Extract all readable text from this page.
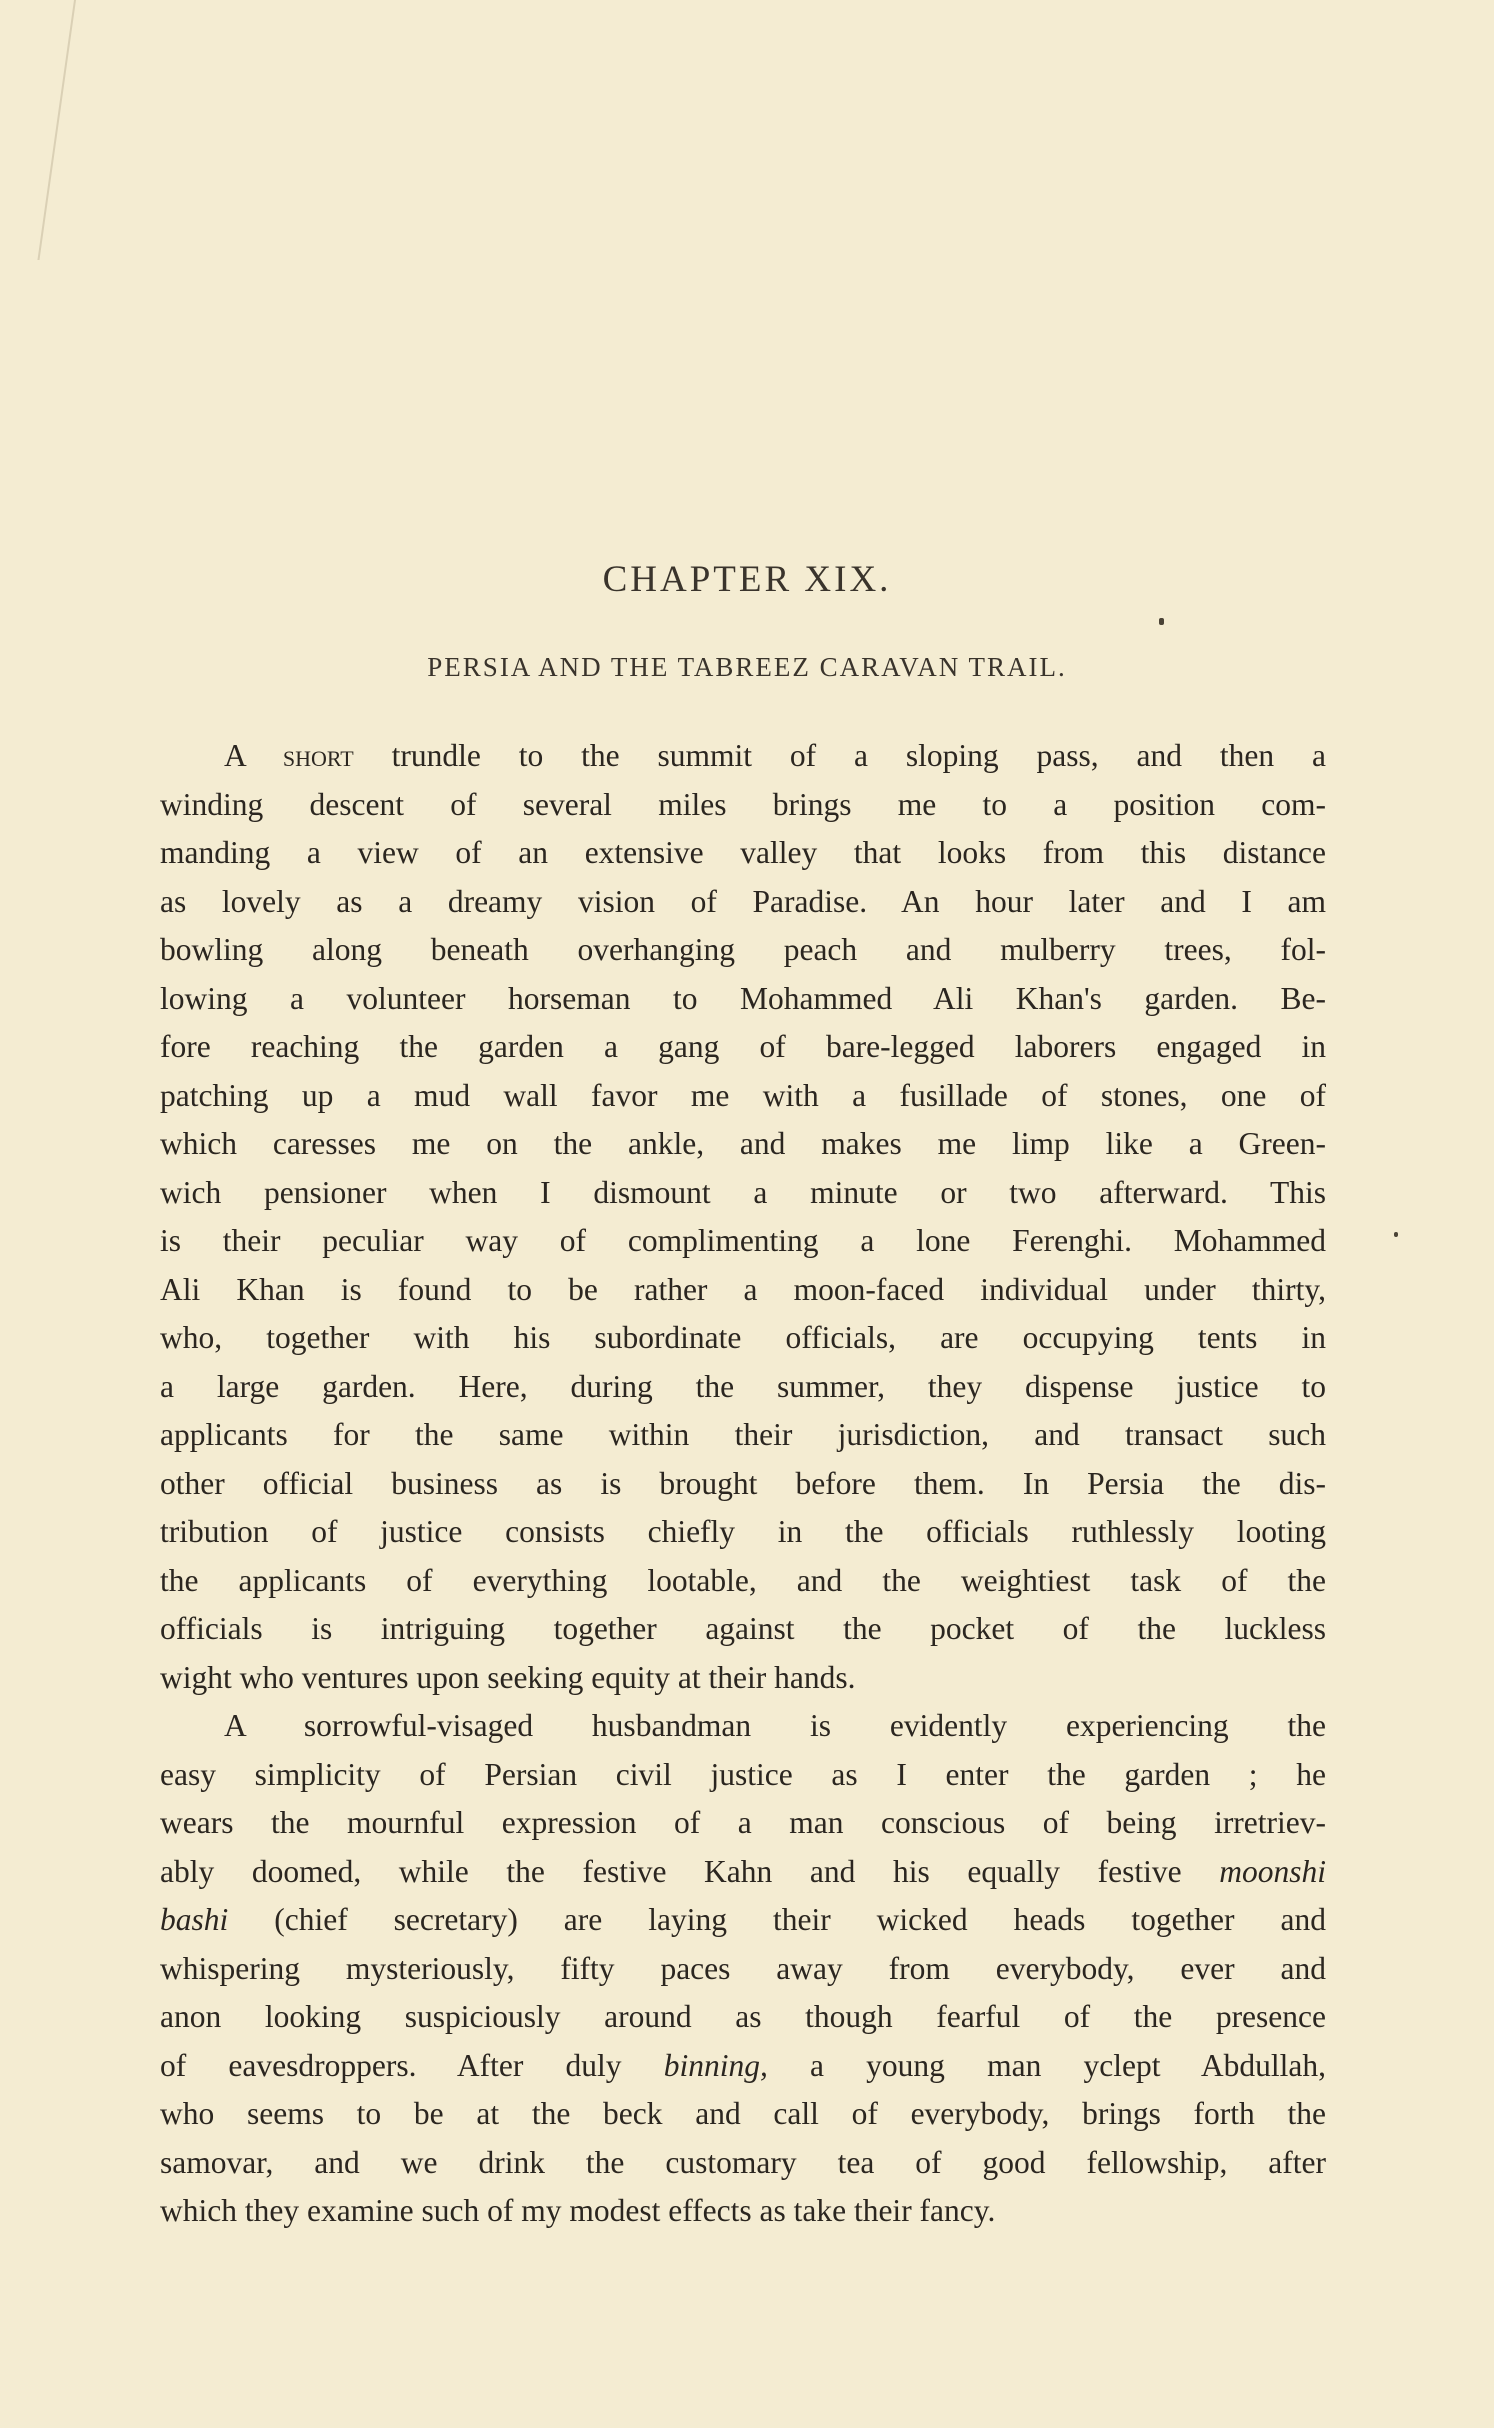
CHAPTER XIX.
PERSIA AND THE TABREEZ CARAVAN TRAIL.
A short trundle to the summit of a sloping pass, and then a
winding descent of several miles brings me to a position com-
manding a view of an extensive valley that looks from this distance
as lovely as a dreamy vision of Paradise. An hour later and I am
bowling along beneath overhanging peach and mulberry trees, fol-
lowing a volunteer horseman to Mohammed Ali Khan's garden. Be-
fore reaching the garden a gang of bare-legged laborers engaged in
patching up a mud wall favor me with a fusillade of stones, one of
which caresses me on the ankle, and makes me limp like a Green-
wich pensioner when I dismount a minute or two afterward. This
is their peculiar way of complimenting a lone Ferenghi. Mohammed
Ali Khan is found to be rather a moon-faced individual under thirty,
who, together with his subordinate officials, are occupying tents in
a large garden. Here, during the summer, they dispense justice to
applicants for the same within their jurisdiction, and transact such
other official business as is brought before them. In Persia the dis-
tribution of justice consists chiefly in the officials ruthlessly looting
the applicants of everything lootable, and the weightiest task of the
officials is intriguing together against the pocket of the luckless
wight who ventures upon seeking equity at their hands.
A sorrowful-visaged husbandman is evidently experiencing the
easy simplicity of Persian civil justice as I enter the garden ; he
wears the mournful expression of a man conscious of being irretriev-
ably doomed, while the festive Kahn and his equally festive moonshi
bashi (chief secretary) are laying their wicked heads together and
whispering mysteriously, fifty paces away from everybody, ever and
anon looking suspiciously around as though fearful of the presence
of eavesdroppers. After duly binning, a young man yclept Abdullah,
who seems to be at the beck and call of everybody, brings forth the
samovar, and we drink the customary tea of good fellowship, after
which they examine such of my modest effects as take their fancy.
